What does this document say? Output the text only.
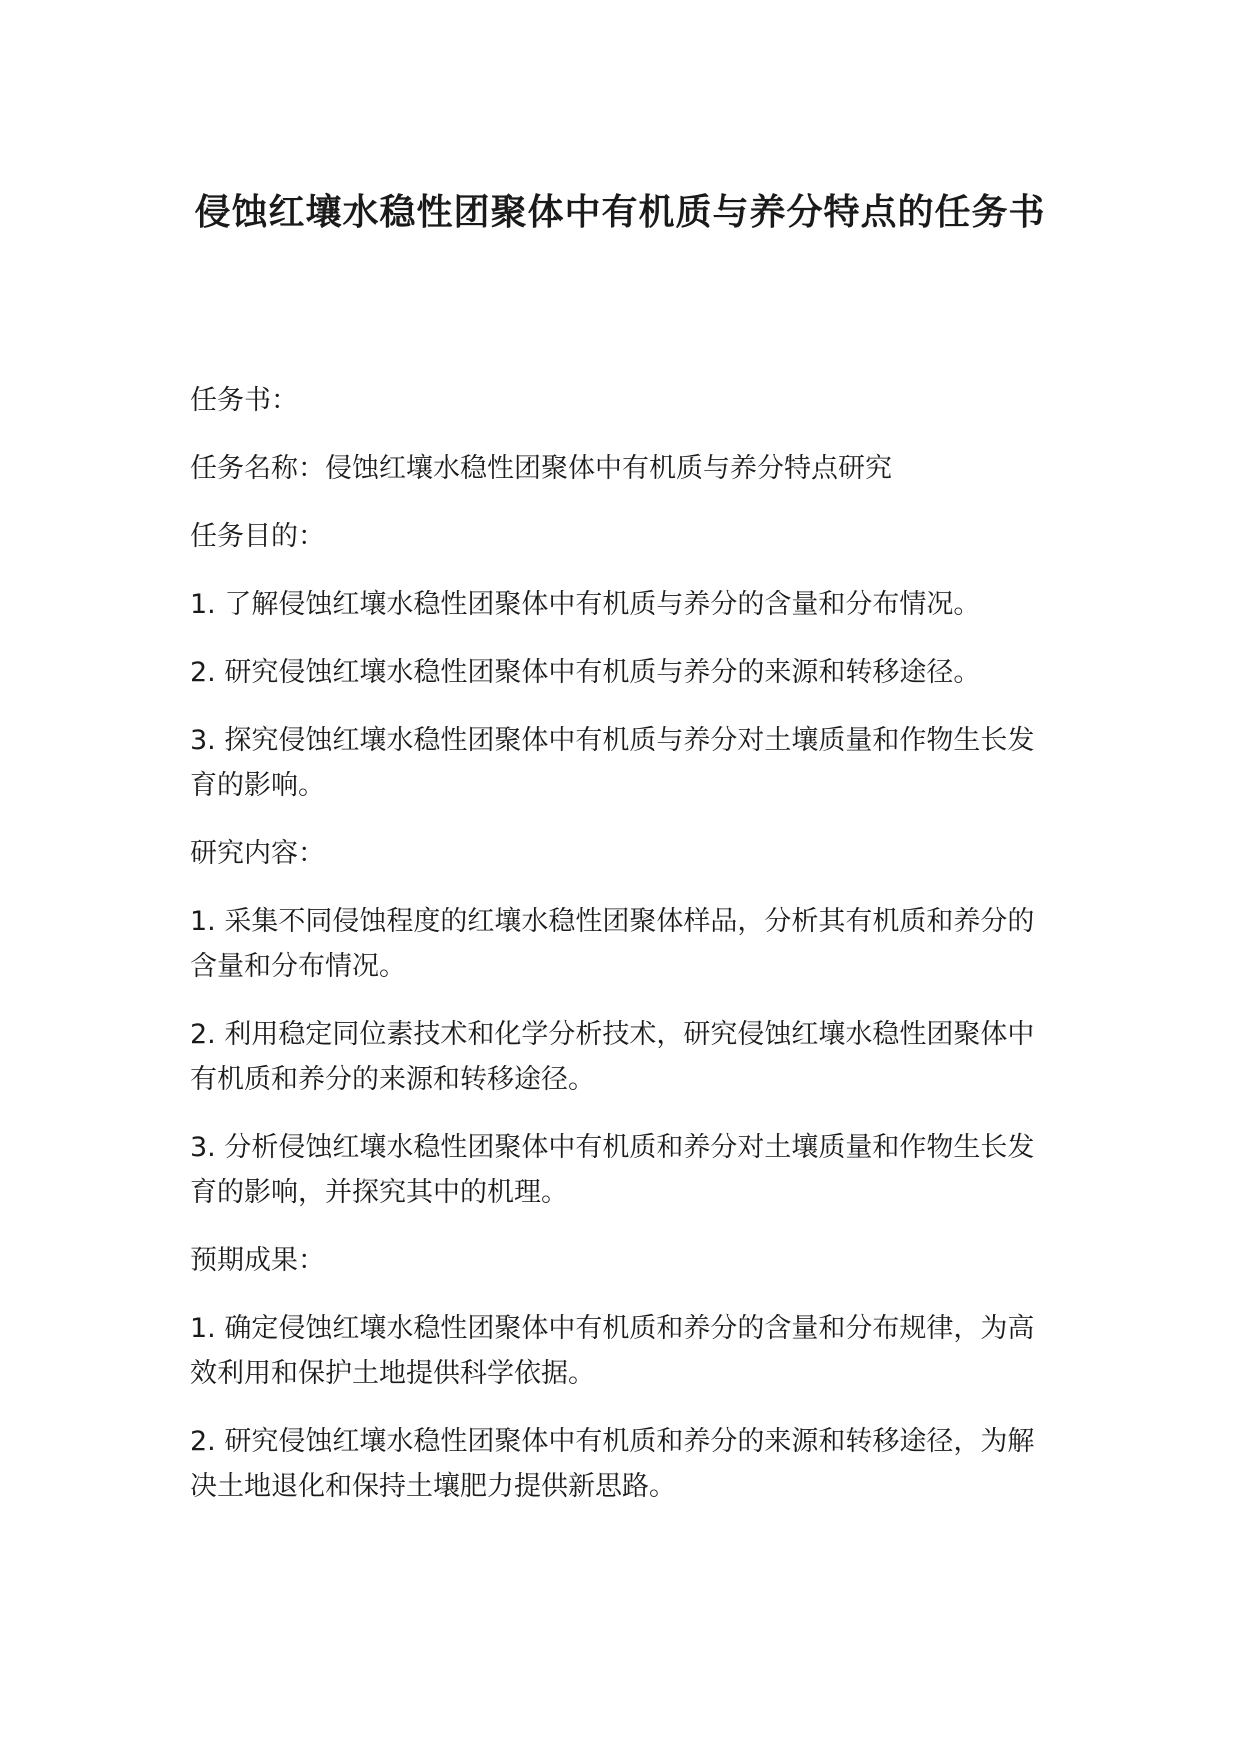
侵蚀红壤水稳性团聚体中有机质与养分特点的任务书

任务书：

任务名称：侵蚀红壤水稳性团聚体中有机质与养分特点研究

任务目的：

1. 了解侵蚀红壤水稳性团聚体中有机质与养分的含量和分布情况。

2. 研究侵蚀红壤水稳性团聚体中有机质与养分的来源和转移途径。

3. 探究侵蚀红壤水稳性团聚体中有机质与养分对土壤质量和作物生长发育的影响。

研究内容：

1. 采集不同侵蚀程度的红壤水稳性团聚体样品，分析其有机质和养分的含量和分布情况。

2. 利用稳定同位素技术和化学分析技术，研究侵蚀红壤水稳性团聚体中有机质和养分的来源和转移途径。

3. 分析侵蚀红壤水稳性团聚体中有机质和养分对土壤质量和作物生长发育的影响，并探究其中的机理。

预期成果：

1. 确定侵蚀红壤水稳性团聚体中有机质和养分的含量和分布规律，为高效利用和保护土地提供科学依据。

2. 研究侵蚀红壤水稳性团聚体中有机质和养分的来源和转移途径，为解决土地退化和保持土壤肥力提供新思路。
